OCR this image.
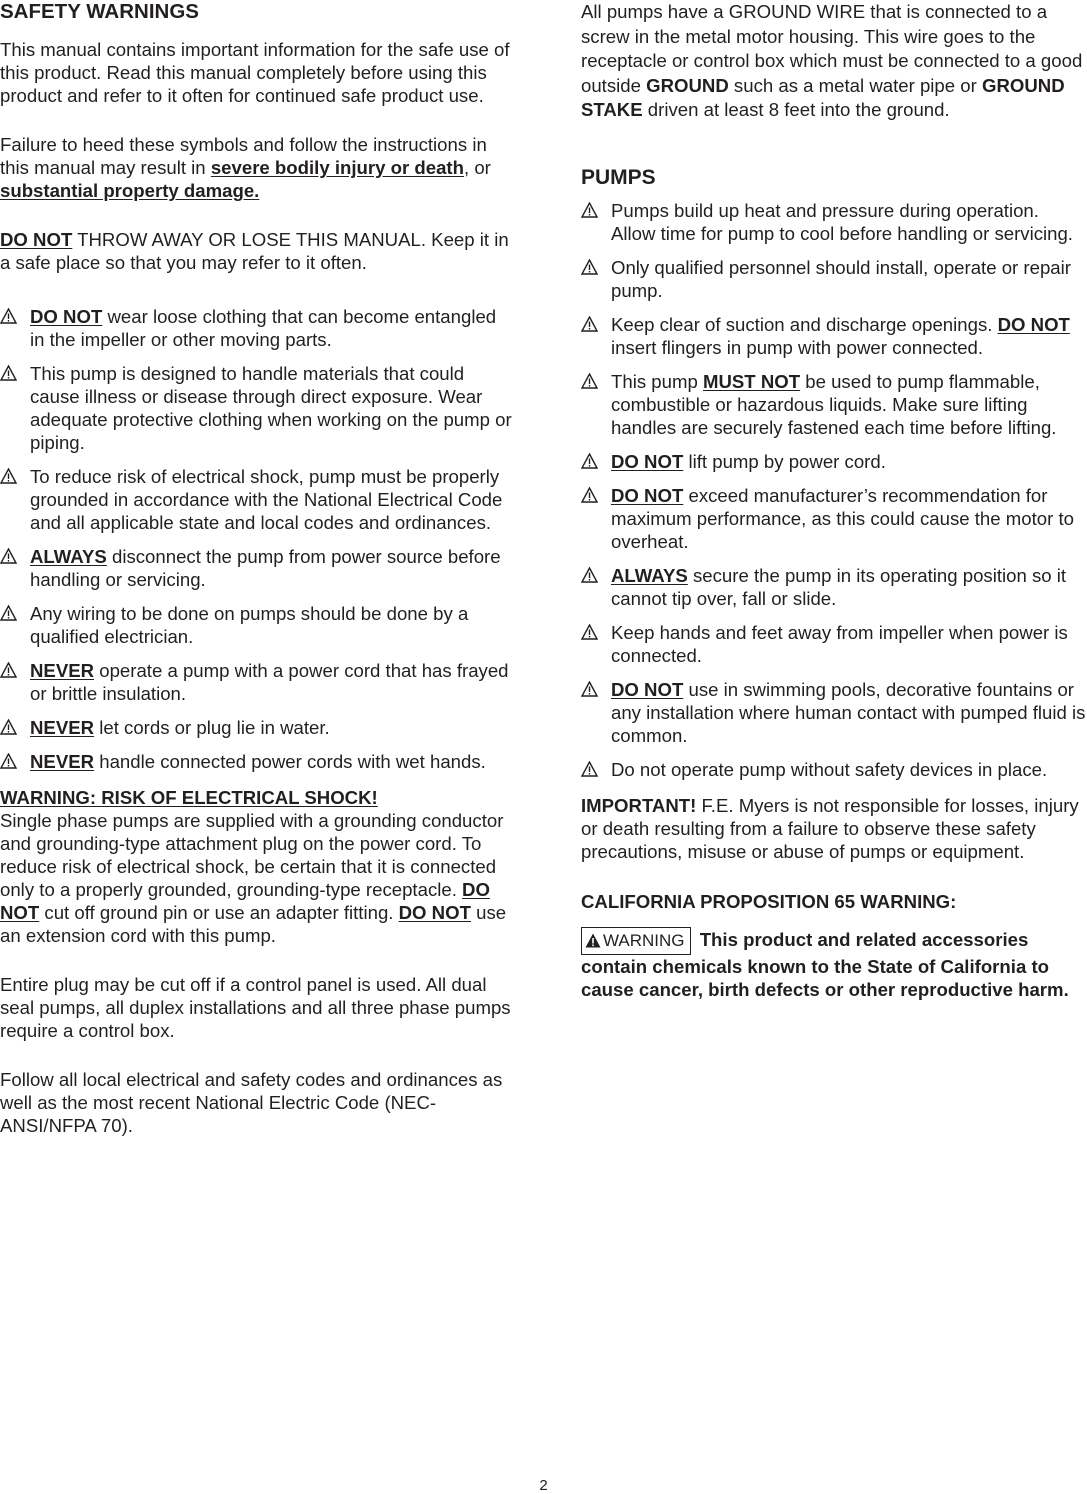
SAFETY WARNINGS

This manual contains important information for the safe use of this product. Read this manual completely before using this product and refer to it often for continued safe product use.

Failure to heed these symbols and follow the instructions in this manual may result in severe bodily injury or death, or substantial property damage.

DO NOT THROW AWAY OR LOSE THIS MANUAL. Keep it in a safe place so that you may refer to it often.

DO NOT wear loose clothing that can become entangled in the impeller or other moving parts.
This pump is designed to handle materials that could cause illness or disease through direct exposure. Wear adequate protective clothing when working on the pump or piping.
To reduce risk of electrical shock, pump must be properly grounded in accordance with the National Electrical Code and all applicable state and local codes and ordinances.
ALWAYS disconnect the pump from power source before handling or servicing.
Any wiring to be done on pumps should be done by a qualified electrician.
NEVER operate a pump with a power cord that has frayed or brittle insulation.
NEVER let cords or plug lie in water.
NEVER handle connected power cords with wet hands.

WARNING: RISK OF ELECTRICAL SHOCK!

Single phase pumps are supplied with a grounding conductor and grounding-type attachment plug on the power cord. To reduce risk of electrical shock, be certain that it is connected only to a properly grounded, grounding-type receptacle. DO NOT cut off ground pin or use an adapter fitting. DO NOT use an extension cord with this pump.

Entire plug may be cut off if a control panel is used. All dual seal pumps, all duplex installations and all three phase pumps require a control box.

Follow all local electrical and safety codes and ordinances as well as the most recent National Electric Code (NEC-ANSI/NFPA 70).

All pumps have a GROUND WIRE that is connected to a screw in the metal motor housing. This wire goes to the receptacle or control box which must be connected to a good outside GROUND such as a metal water pipe or GROUND STAKE driven at least 8 feet into the ground.

PUMPS
Pumps build up heat and pressure during operation. Allow time for pump to cool before handling or servicing.
Only qualified personnel should install, operate or repair pump.
Keep clear of suction and discharge openings. DO NOT insert flingers in pump with power connected.
This pump MUST NOT be used to pump flammable, combustible or hazardous liquids. Make sure lifting handles are securely fastened each time before lifting.
DO NOT lift pump by power cord.
DO NOT exceed manufacturer’s recommendation for maximum performance, as this could cause the motor to overheat.
ALWAYS secure the pump in its operating position so it cannot tip over, fall or slide.
Keep hands and feet away from impeller when power is connected.
DO NOT use in swimming pools, decorative fountains or any installation where human contact with pumped fluid is common.
Do not operate pump without safety devices in place.

IMPORTANT! F.E. Myers is not responsible for losses, injury or death resulting from a failure to observe these safety precautions, misuse or abuse of pumps or equipment.

CALIFORNIA PROPOSITION 65 WARNING:

WARNING This product and related accessories contain chemicals known to the State of California to cause cancer, birth defects or other reproductive harm.

2
